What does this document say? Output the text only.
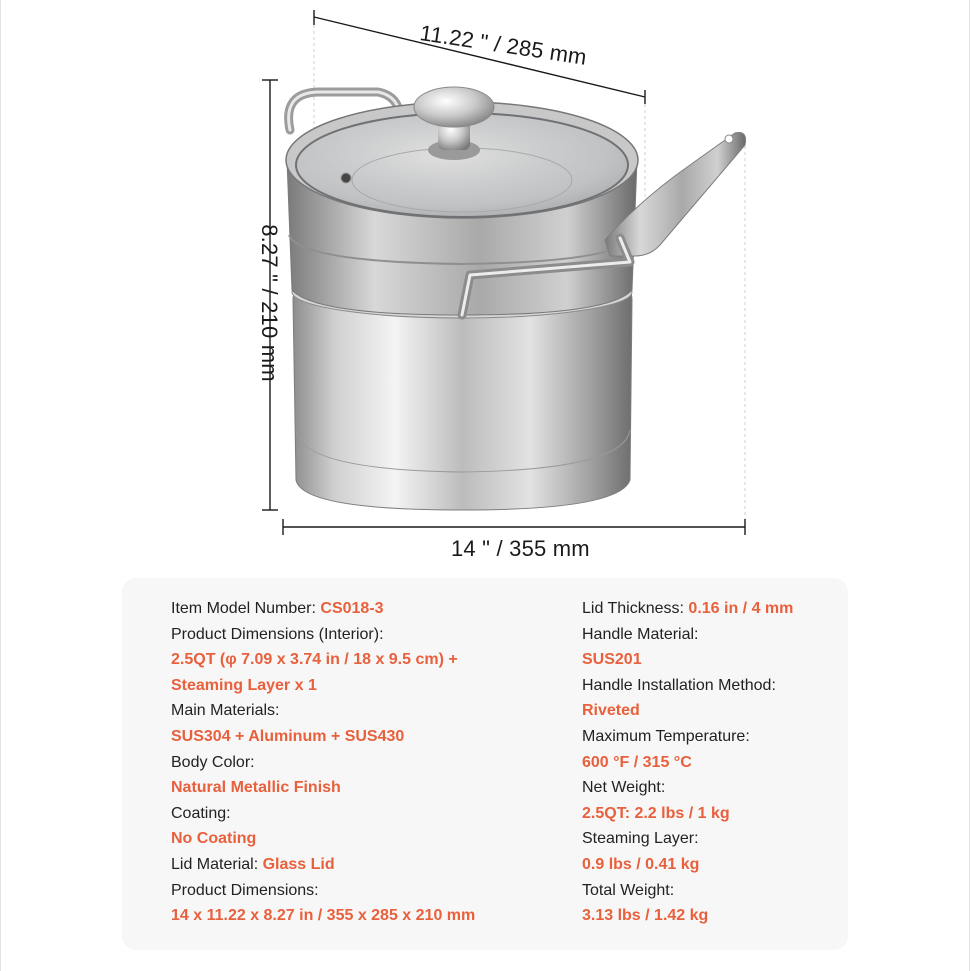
11.22 " / 285 mm
8.27 " / 210 mm
14 " / 355 mm
Item Model Number: CS018-3
Product Dimensions (Interior):
2.5QT (φ 7.09 x 3.74 in / 18 x 9.5 cm) +
Steaming Layer x 1
Main Materials:
SUS304 + Aluminum + SUS430
Body Color:
Natural Metallic Finish
Coating:
No Coating
Lid Material: Glass Lid
Product Dimensions:
14 x 11.22 x 8.27 in / 355 x 285 x 210 mm
Lid Thickness: 0.16 in / 4 mm
Handle Material:
SUS201
Handle Installation Method:
Riveted
Maximum Temperature:
600 °F / 315 °C
Net Weight:
2.5QT: 2.2 lbs / 1 kg
Steaming Layer:
0.9 lbs / 0.41 kg
Total Weight:
3.13 lbs / 1.42 kg
